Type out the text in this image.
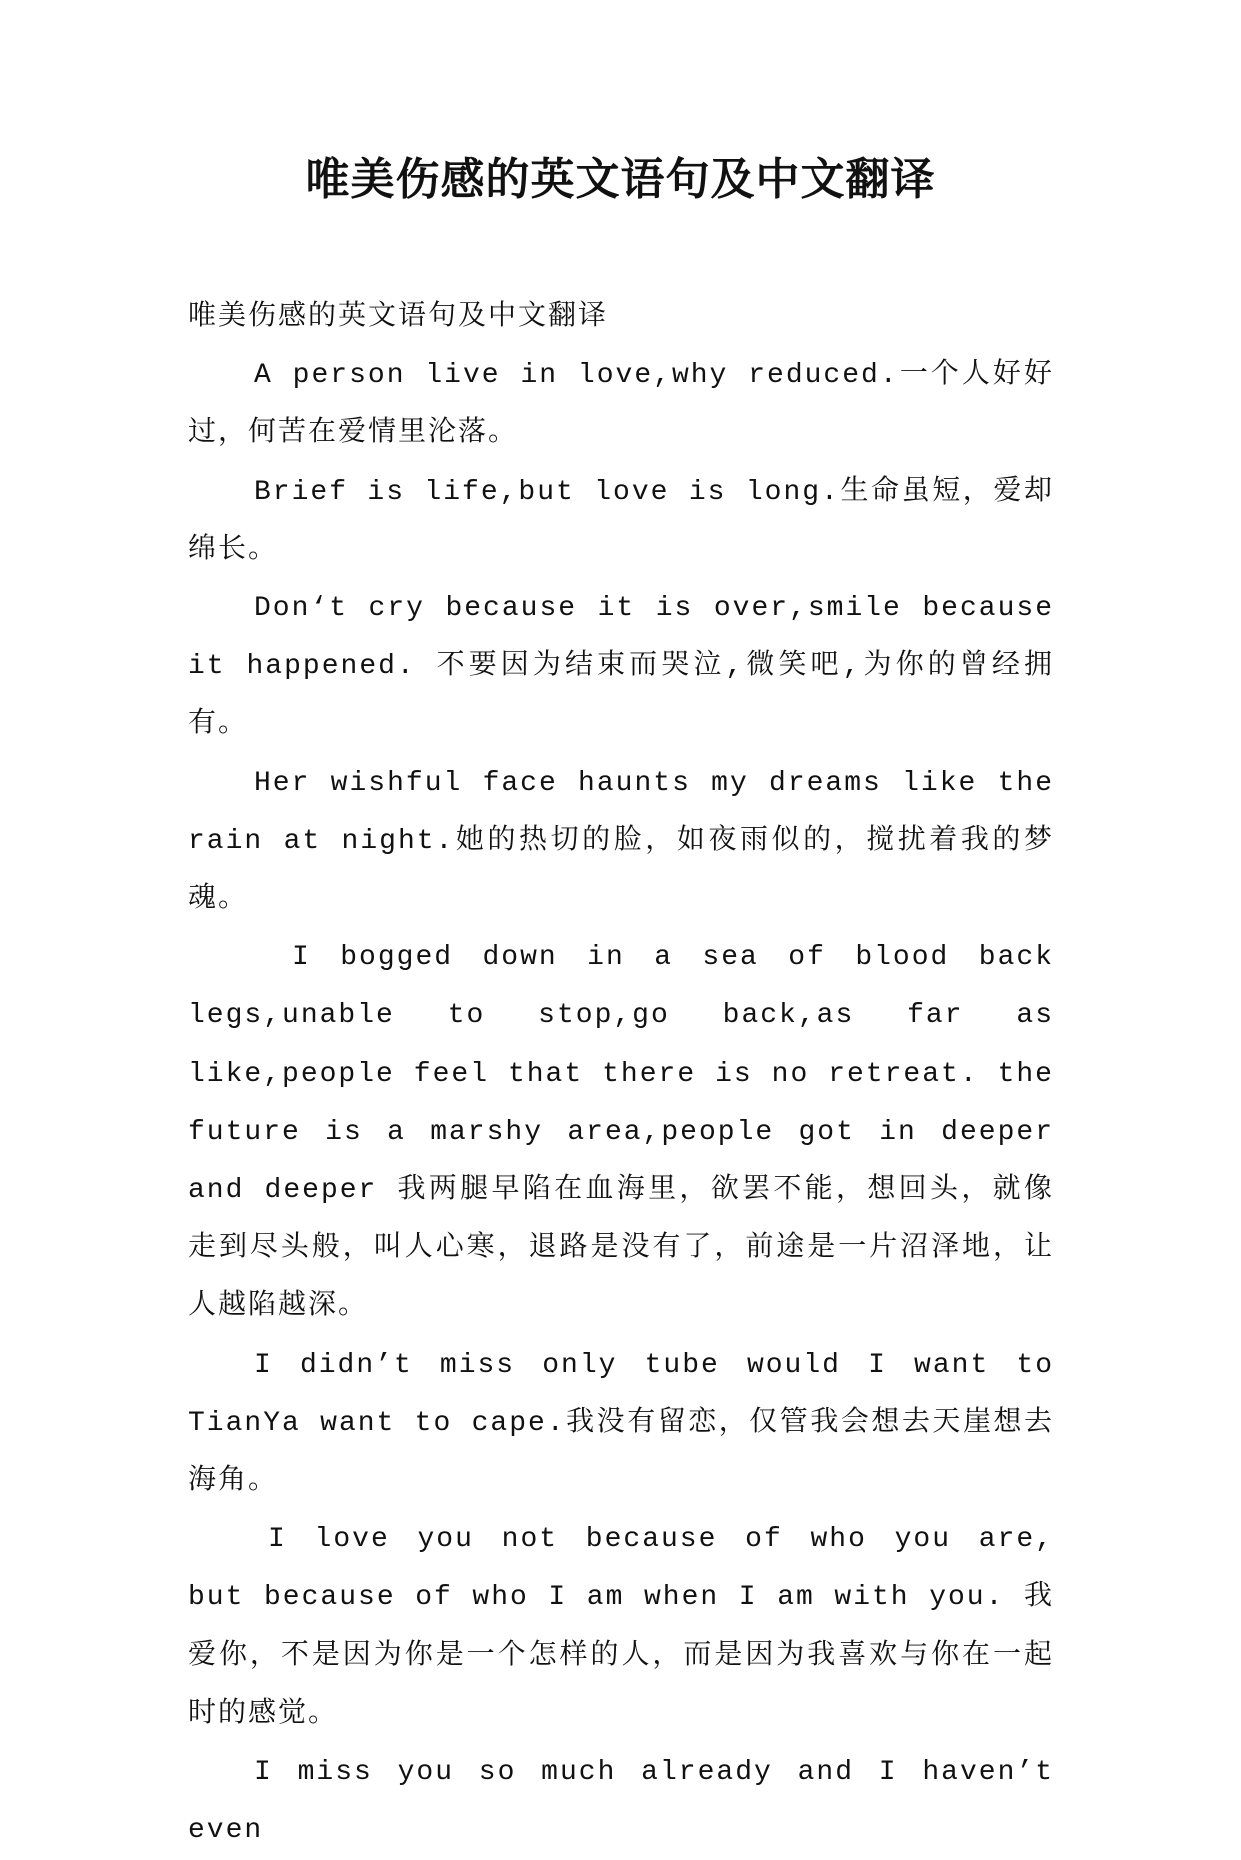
唯美伤感的英文语句及中文翻译

唯美伤感的英文语句及中文翻译

A person live in love,why reduced.一个人好好过，何苦在爱情里沦落。

Brief is life,but love is long.生命虽短，爱却绵长。

Don‘t cry because it is over,smile because it happened. 不要因为结束而哭泣,微笑吧,为你的曾经拥有。

Her wishful face haunts my dreams like the rain at night.她的热切的脸，如夜雨似的，搅扰着我的梦魂。

I bogged down in a sea of blood back legs,unable to stop,go back,as far as like,people feel that there is no retreat. the future is a marshy area,people got in deeper and deeper 我两腿早陷在血海里，欲罢不能，想回头，就像走到尽头般，叫人心寒，退路是没有了，前途是一片沼泽地，让人越陷越深。

I didn’t miss only tube would I want to TianYa want to cape.我没有留恋，仅管我会想去天崖想去海角。

I love you not because of who you are, but because of who I am when I am with you. 我爱你，不是因为你是一个怎样的人，而是因为我喜欢与你在一起时的感觉。

I miss you so much already and I haven’t even
